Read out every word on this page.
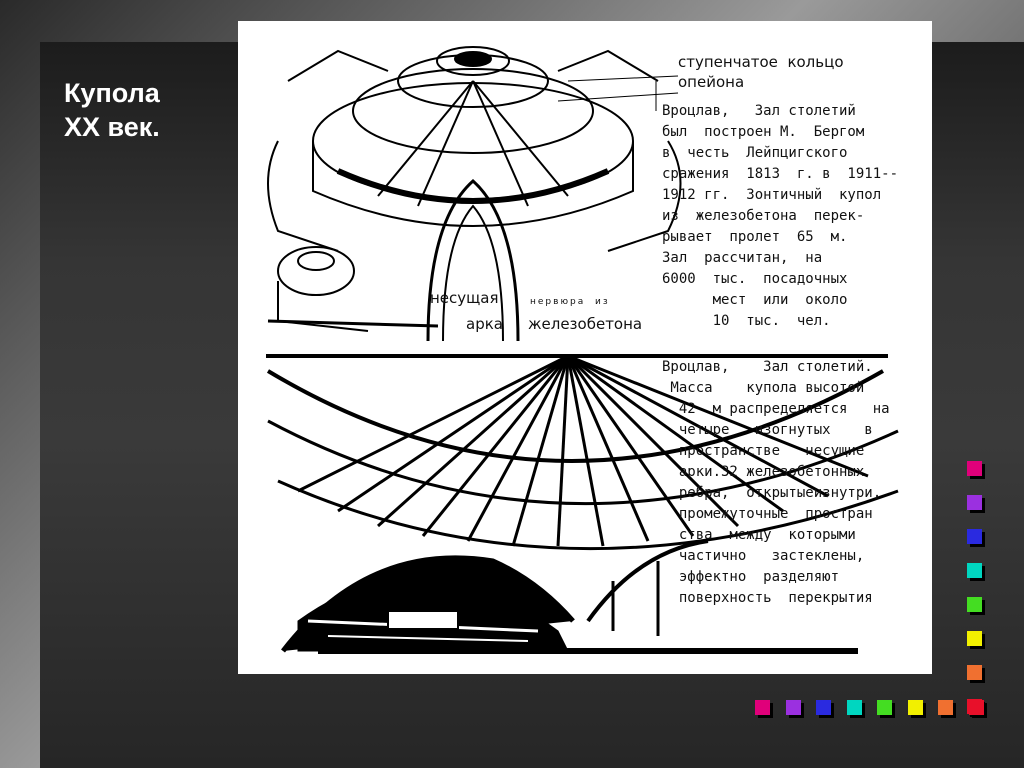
Купола
XX век.
ступенчатое  кольцо
опейона
несущая
арка
нервюра  из
железобетона
Вроцлав,   Зал столетий
был  построен М.  Бергом
в  честь  Лейпцигского
сражения  1813  г. в  1911--
1912 гг.  Зонтичный  купол
из  железобетона  перек-
рывает  пролет  65  м.
Зал  рассчитан,  на
6000  тыс.  посадочных
мест  или  около
10  тыс.  чел.
Вроцлав,    Зал столетий.
Масса    купола высотой
42  м распределяется   на
четыре   изогнутых    в
пространстве   несущие
арки.32 железобетонных
ребра,  открытыеизнутри,
промежуточные  простран
ства  между  которыми
частично   застеклены,
эффектно  разделяют
поверхность  перекрытия
